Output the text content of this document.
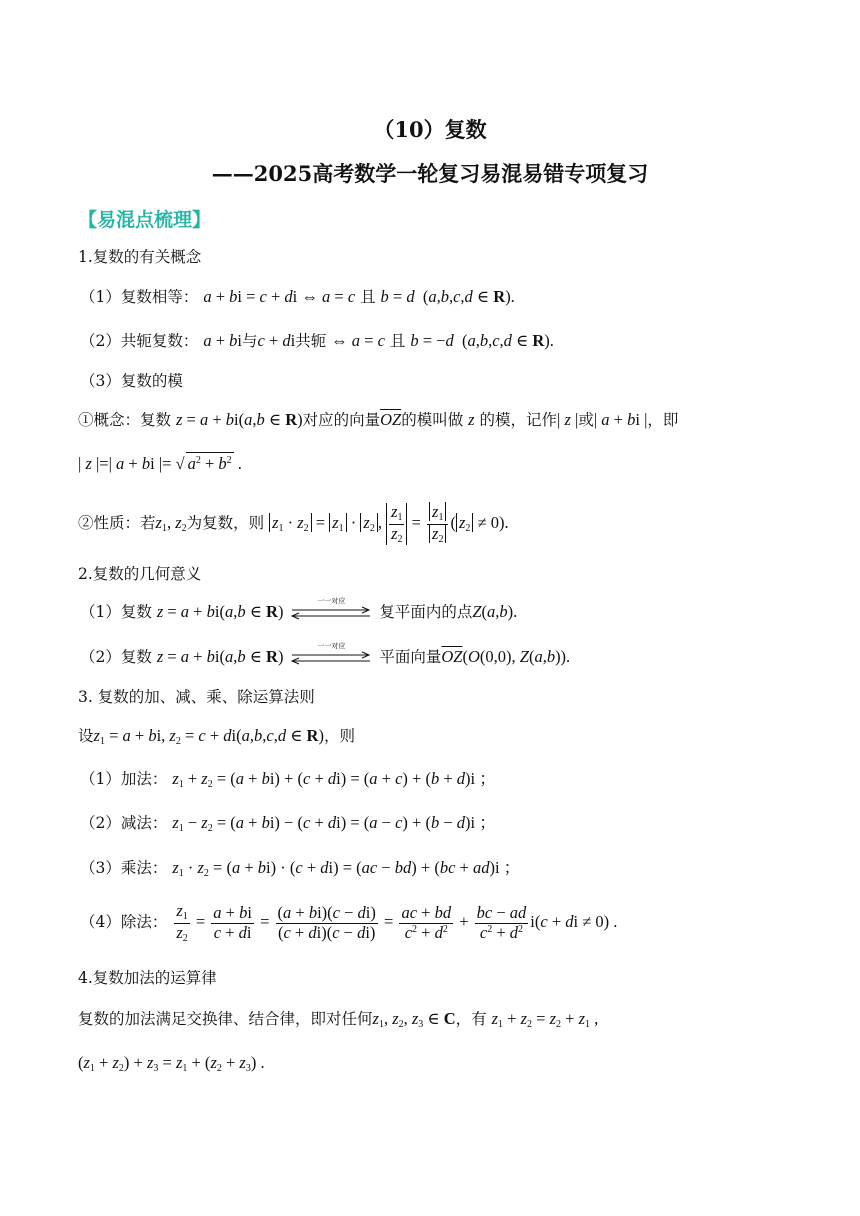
（10）复数
——2025高考数学一轮复习易混易错专项复习
【易混点梳理】
1.复数的有关概念
（1）复数相等： a + bi = c + di ⇔ a = c 且 b = d  (a,b,c,d ∈ R).
（2）共轭复数： a + bi与c + di共轭 ⇔ a = c 且 b = −d  (a,b,c,d ∈ R).
（3）复数的模
①概念：复数 z = a + bi(a,b ∈ R)对应的向量$\overline{OZ}$的模叫做 z 的模，记作| z |或| a + bi |，即
| z |=| a + bi |= √ $a^2 + b^2$ .
②性质：若$z_1$, $z_2$为复数，则 $z_1 \cdot z_2 = z_1 \cdot z_2$ , $\frac{z_1}{z_2} = \frac{z_1}{z_2}$ ( $z_2 \ne 0$).
2.复数的几何意义
（1）复数 z = a + bi(a,b ∈ R)
一一对应
复平面内的点Z(a,b).
（2）复数 z = a + bi(a,b ∈ R)
一一对应
平面向量$\overline{OZ}(O(0,0)$, Z(a,b)).
3. 复数的加、减、乘、除运算法则
设$z_1 = a$ + bi, $z_2 = c + di(a,b,c,d$ ∈ R)，则
（1）加法： $z_1 + z_2 = (a + bi) + (c + di) = (a + c) + (b + d)i$ ；
（2）减法： $z_1 - z_2 = (a + bi) - (c + di) = (a - c) + (b - d)i$ ；
（3）乘法： $z_1 \cdot z_2 = (a + bi) \cdot (c + di) = (ac - bd) + (bc + ad)i$ ；
（4）除法： $\frac{z_1}{z_2} = \frac{a + bi}{c + di} = \frac{(a + bi)(c - di)}{(c + di)(c - di)} = \frac{ac + bd}{c^2 + d^2} + \frac{bc - ad}{c^2 + d^2} i(c$ + di ≠ 0) .
4.复数加法的运算律
复数的加法满足交换律、结合律，即对任何$z_1$, $z_2$, $z_3$ ∈ C，有 $z_1 + z_2 = z_2 + z_1$ ,
$(z_1 + z_2) + z_3 = z_1 + (z_2 + z_3)$ .
